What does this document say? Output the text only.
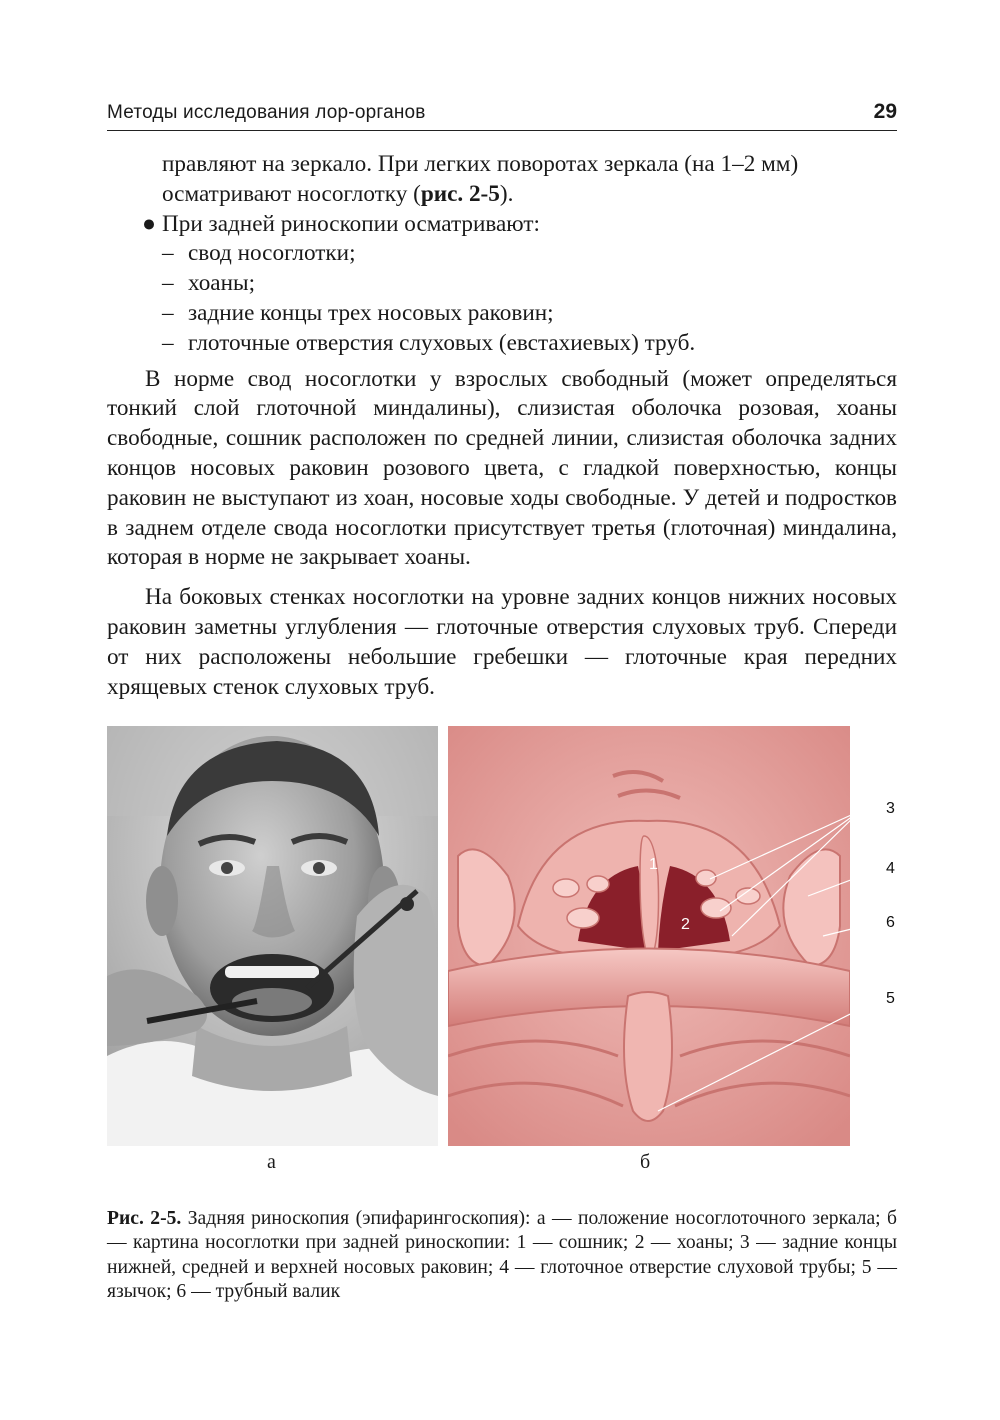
Методы исследования лор-органов	29

правляют на зеркало. При легких поворотах зеркала (на 1–2 мм)

осматривают носоглотку (рис. 2-5).

● При задней риноскопии осматривают:

– свод носоглотки;

– хоаны;

– задние концы трех носовых раковин;

– глоточные отверстия слуховых (евстахиевых) труб.

В норме свод носоглотки у взрослых свободный (может определяться тонкий слой глоточной миндалины), слизистая оболочка розовая, хоаны свободные, сошник расположен по средней линии, слизистая оболочка задних концов носовых раковин розового цвета, с гладкой поверхностью, концы раковин не выступают из хоан, носовые ходы свободные. У детей и подростков в заднем отделе свода носоглотки присутствует третья (глоточная) миндалина, которая в норме не закрывает хоаны.

На боковых стенках носоглотки на уровне задних концов нижних носовых раковин заметны углубления — глоточные отверстия слуховых труб. Спереди от них расположены небольшие гребешки — глоточные края передних хрящевых стенок слуховых труб.

1
2
3
4
6
5
а	б

Рис. 2-5. Задняя риноскопия (эпифарингоскопия): а — положение носоглоточного зеркала; б — картина носоглотки при задней риноскопии: 1 — сошник; 2 — хоаны; 3 — задние концы нижней, средней и верхней носовых раковин; 4 — глоточное отверстие слуховой трубы; 5 — язычок; 6 — трубный валик
